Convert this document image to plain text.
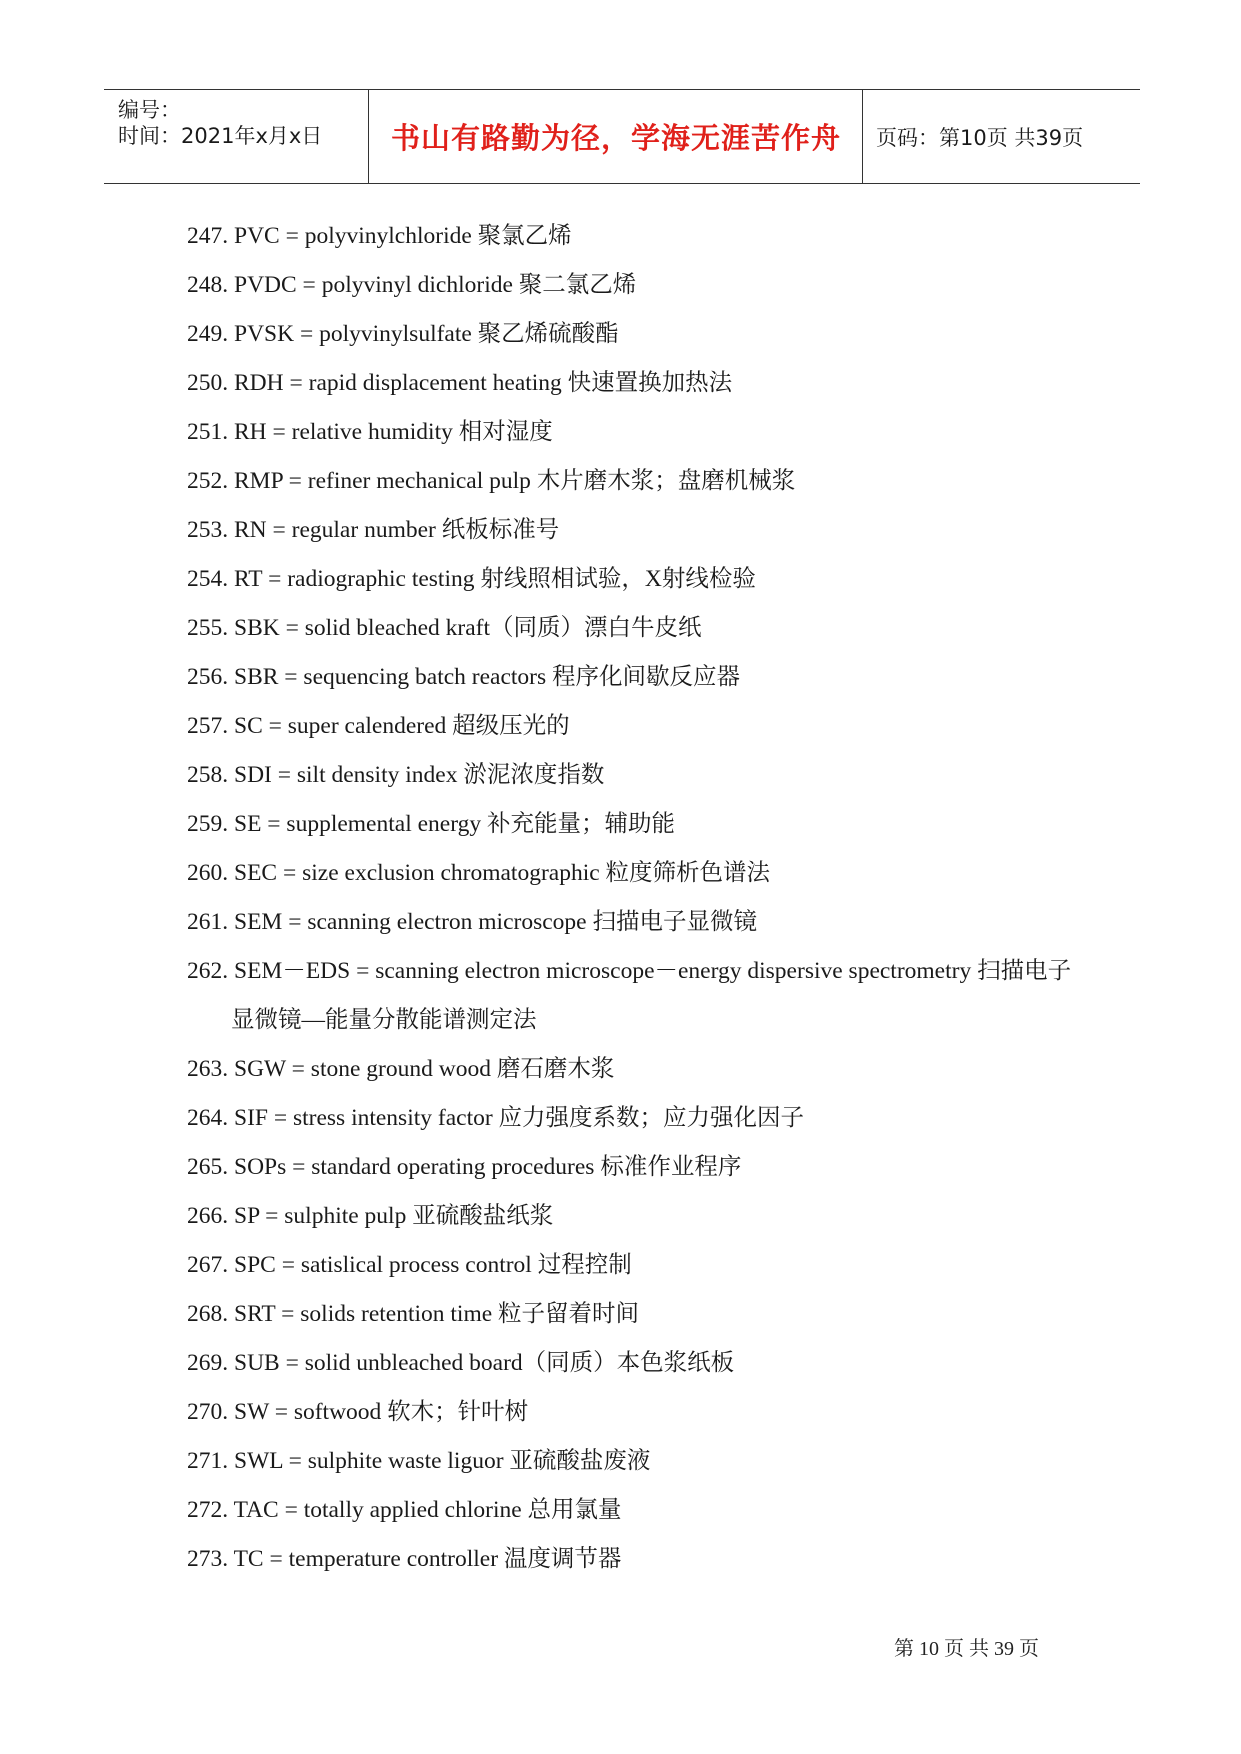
编号：
时间：2021年x月x日 书山有路勤为径，学海无涯苦作舟	页码：第10页 共39页
247. PVC = polyvinylchloride 聚氯乙烯
248. PVDC = polyvinyl dichloride 聚二氯乙烯
249. PVSK = polyvinylsulfate 聚乙烯硫酸酯
250. RDH = rapid displacement heating 快速置换加热法
251. RH = relative humidity 相对湿度
252. RMP = refiner mechanical pulp 木片磨木浆；盘磨机械浆
253. RN = regular number 纸板标准号
254. RT = radiographic testing 射线照相试验，X射线检验
255. SBK = solid bleached kraft（同质）漂白牛皮纸
256. SBR = sequencing batch reactors 程序化间歇反应器
257. SC = super calendered 超级压光的
258. SDI = silt density index 淤泥浓度指数
259. SE = supplemental energy 补充能量；辅助能
260. SEC = size exclusion chromatographic 粒度筛析色谱法
261. SEM = scanning electron microscope 扫描电子显微镜
262. SEM－EDS = scanning electron microscope－energy dispersive spectrometry 扫描电子显微镜—能量分散能谱测定法
263. SGW = stone ground wood 磨石磨木浆
264. SIF = stress intensity factor 应力强度系数；应力强化因子
265. SOPs = standard operating procedures 标准作业程序
266. SP = sulphite pulp 亚硫酸盐纸浆
267. SPC = satislical process control 过程控制
268. SRT = solids retention time 粒子留着时间
269. SUB = solid unbleached board（同质）本色浆纸板
270. SW = softwood 软木；针叶树
271. SWL = sulphite waste liguor 亚硫酸盐废液
272. TAC = totally applied chlorine 总用氯量
273. TC = temperature controller 温度调节器
第 10 页 共 39 页
